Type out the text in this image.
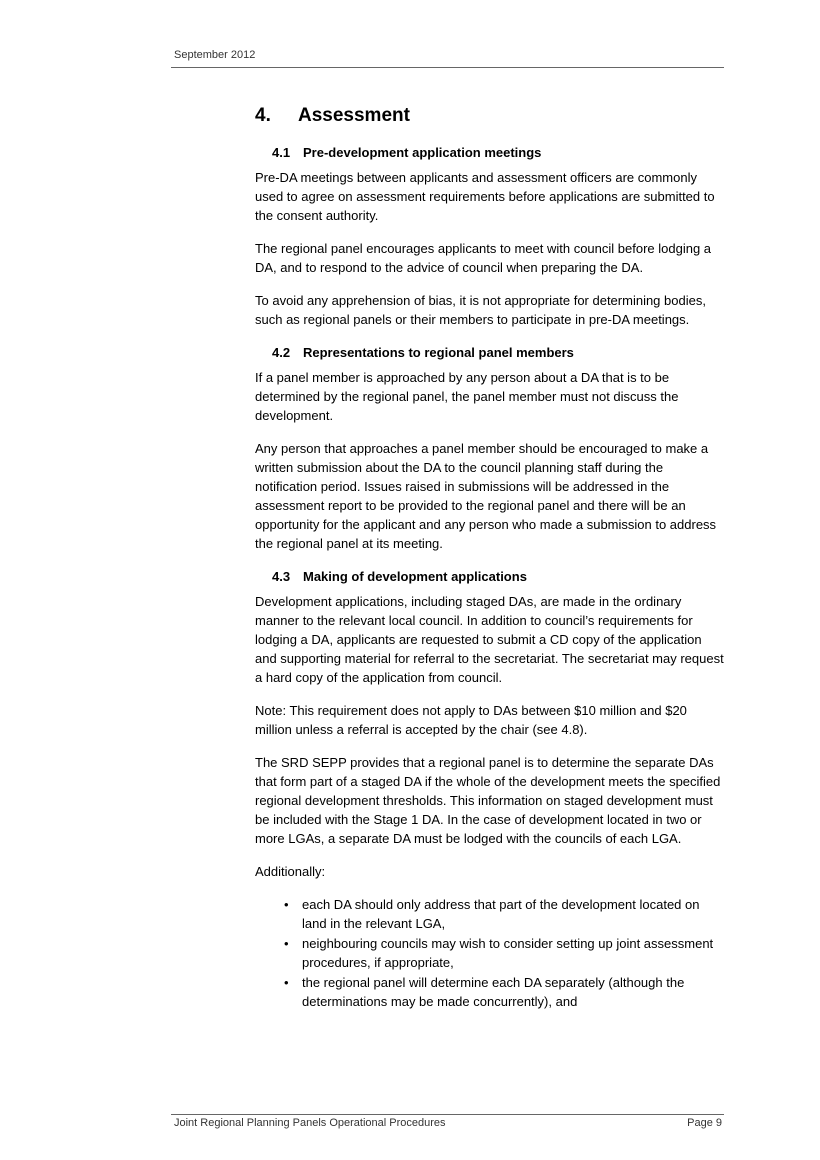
September 2012
4. Assessment
4.1 Pre-development application meetings

Pre-DA meetings between applicants and assessment officers are commonly used to agree on assessment requirements before applications are submitted to the consent authority.

The regional panel encourages applicants to meet with council before lodging a DA, and to respond to the advice of council when preparing the DA.

To avoid any apprehension of bias, it is not appropriate for determining bodies, such as regional panels or their members to participate in pre-DA meetings.

4.2 Representations to regional panel members

If a panel member is approached by any person about a DA that is to be determined by the regional panel, the panel member must not discuss the development.

Any person that approaches a panel member should be encouraged to make a written submission about the DA to the council planning staff during the notification period. Issues raised in submissions will be addressed in the assessment report to be provided to the regional panel and there will be an opportunity for the applicant and any person who made a submission to address the regional panel at its meeting.

4.3 Making of development applications

Development applications, including staged DAs, are made in the ordinary manner to the relevant local council. In addition to council’s requirements for lodging a DA, applicants are requested to submit a CD copy of the application and supporting material for referral to the secretariat. The secretariat may request a hard copy of the application from council.

Note: This requirement does not apply to DAs between $10 million and $20 million unless a referral is accepted by the chair (see 4.8).

The SRD SEPP provides that a regional panel is to determine the separate DAs that form part of a staged DA if the whole of the development meets the specified regional development thresholds. This information on staged development must be included with the Stage 1 DA. In the case of development located in two or more LGAs, a separate DA must be lodged with the councils of each LGA.

Additionally:

• each DA should only address that part of the development located on land in the relevant LGA,
• neighbouring councils may wish to consider setting up joint assessment procedures, if appropriate,
• the regional panel will determine each DA separately (although the determinations may be made concurrently), and
Joint Regional Planning Panels Operational Procedures	Page 9
